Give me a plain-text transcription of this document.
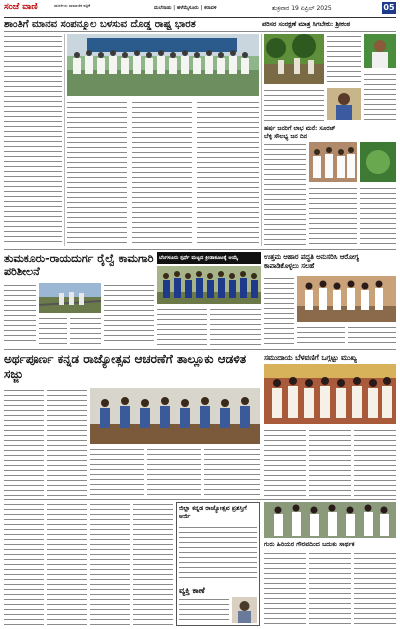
ಸಂಜೆ ವಾಣಿ	ರಾಜಕೀಯ ಸಾಮಾಜಿಕ ಪತ್ರಿಕೆ	ಮಲೆನಾಡು | ಹಳೆಮೈಸೂರು | ಕರಾವಳಿ	ಶುಕ್ರವಾರ 19 ಏಪ್ರಿಲ್ 2025	05
ಶಾಂತಿಗೆ ಮಾನವ ಸಂಪನ್ಮೂಲ ಬಳಸುವ ದೊಡ್ಡ ರಾಷ್ಟ್ರ ಭಾರತ	ಪರಿಸರ ಸಂರಕ್ಷಣೆ ಮಾತ್ರ ಸಿಗಬೇಕು: ಶ್ರೀಕಂಠ
ಹರ್ಷ ಜನರಿಗೆ ಲಾಭ ಮನೆ: ಸೂರಜ್
ಬೆಳ್ಳಿ ಸೌಲಭ್ಯ ಜನ ದಿನ
ತುಮಕೂರು-ರಾಯದುರ್ಗ ರೈಲ್ವೆ ಕಾಮಗಾರಿ ಪರಿಶೀಲನೆ
ಬೆಂಗಳೂರು ಸ್ಪರ್ಧೆ ಮಟ್ಟದ ಕ್ರೀಡಾಕೂಟಕ್ಕೆ ಆಯ್ಕೆ	ಉತ್ತಮ ಆಹಾರ ಪದ್ಧತಿ ಅನುಸರಿಸಿ ಆರೋಗ್ಯ ಕಾಪಾಡಿಕೊಳ್ಳಲು ಸಲಹೆ
ಅರ್ಥಪೂರ್ಣ ಕನ್ನಡ ರಾಜ್ಯೋತ್ಸವ ಆಚರಣೆಗೆ ತಾಲ್ಲೂಕು ಆಡಳಿತ ಸಜ್ಜು
ಸಮುದಾಯ ಬೆಳವಣಿಗೆ ಒಗ್ಗಟ್ಟು ಮುಖ್ಯ
ಜಿಲ್ಲಾ ಕನ್ನಡ ರಾಜ್ಯೋತ್ಸವ ಪ್ರಶಸ್ತಿಗೆ ಅರ್ಜಿ
ವ್ಯಕ್ತಿ ಕಾಣೆ
ಗುರು ಹಿರಿಯರ ಗೌರವದಿಂದ ಬದುಕು ಸಾರ್ಥಕ
